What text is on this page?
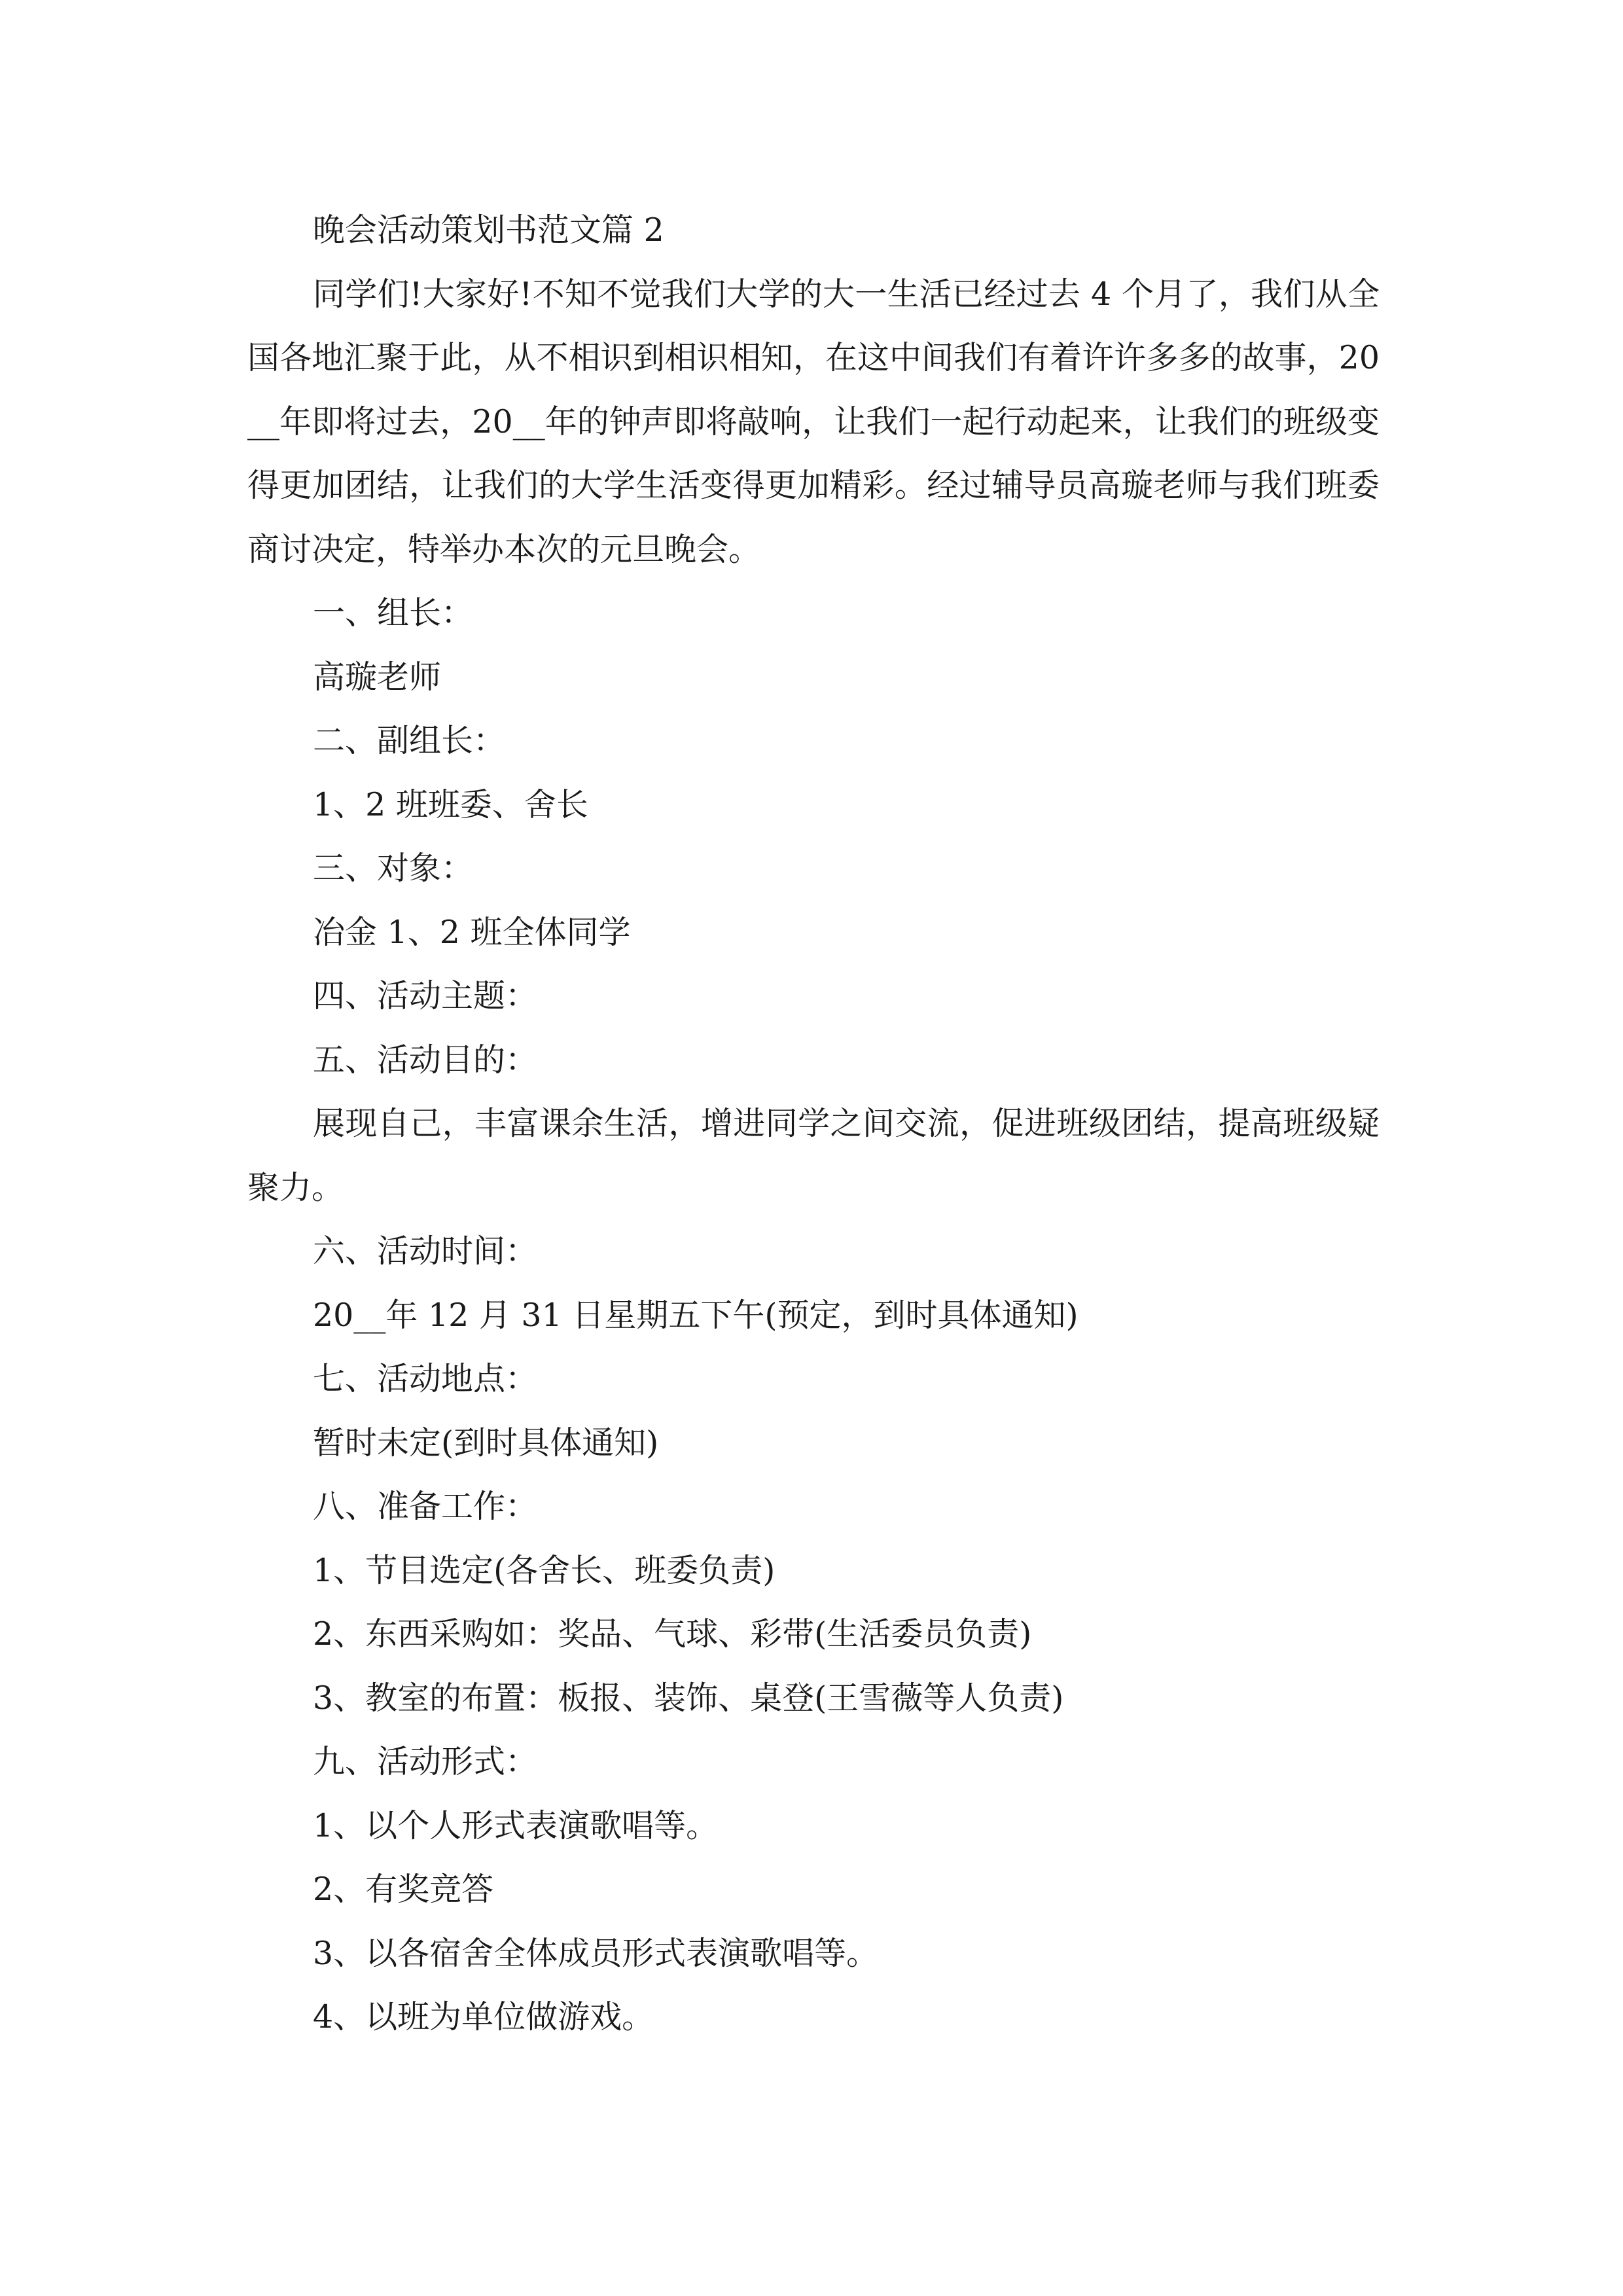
晚会活动策划书范文篇 2

同学们!大家好!不知不觉我们大学的大一生活已经过去 4 个月了，我们从全国各地汇聚于此，从不相识到相识相知，在这中间我们有着许许多多的故事，20__年即将过去，20__年的钟声即将敲响，让我们一起行动起来，让我们的班级变得更加团结，让我们的大学生活变得更加精彩。经过辅导员高璇老师与我们班委商讨决定，特举办本次的元旦晚会。

一、组长：

高璇老师

二、副组长：

1、2 班班委、舍长

三、对象：

冶金 1、2 班全体同学

四、活动主题：

五、活动目的：

展现自己，丰富课余生活，增进同学之间交流，促进班级团结，提高班级疑聚力。

六、活动时间：

20__年 12 月 31 日星期五下午(预定，到时具体通知)

七、活动地点：

暂时未定(到时具体通知)

八、准备工作：

1、节目选定(各舍长、班委负责)

2、东西采购如：奖品、气球、彩带(生活委员负责)

3、教室的布置：板报、装饰、桌登(王雪薇等人负责)

九、活动形式：

1、以个人形式表演歌唱等。

2、有奖竞答

3、以各宿舍全体成员形式表演歌唱等。

4、以班为单位做游戏。
